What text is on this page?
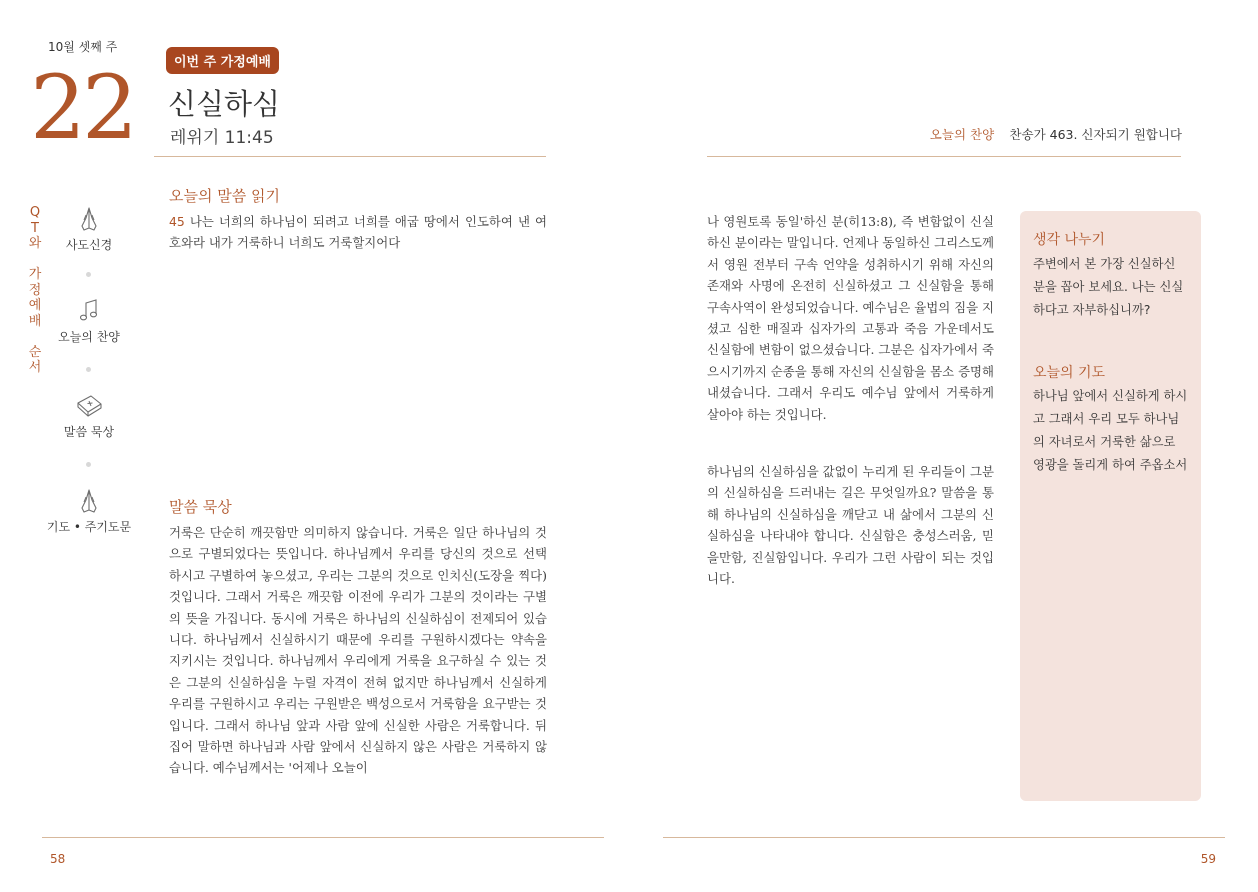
10월 셋째 주
22	이번 주 가정예배
신실하심
레위기 11:45
Q
T
와

가
정
예
배

순
서
사도신경
오늘의 찬양
말씀 묵상
기도 • 주기도문
오늘의 말씀 읽기
45 나는 너희의 하나님이 되려고 너희를 애굽 땅에서 인도하여 낸 여호와라 내가 거룩하니 너희도 거룩할지어다
말씀 묵상
거룩은 단순히 깨끗함만 의미하지 않습니다. 거룩은 일단 하나님의 것으로 구별되었다는 뜻입니다. 하나님께서 우리를 당신의 것으로 선택하시고 구별하여 놓으셨고, 우리는 그분의 것으로 인치신(도장을 찍다) 것입니다. 그래서 거룩은 깨끗함 이전에 우리가 그분의 것이라는 구별의 뜻을 가집니다. 동시에 거룩은 하나님의 신실하심이 전제되어 있습니다. 하나님께서 신실하시기 때문에 우리를 구원하시겠다는 약속을 지키시는 것입니다. 하나님께서 우리에게 거룩을 요구하실 수 있는 것은 그분의 신실하심을 누릴 자격이 전혀 없지만 하나님께서 신실하게 우리를 구원하시고 우리는 구원받은 백성으로서 거룩함을 요구받는 것입니다. 그래서 하나님 앞과 사람 앞에 신실한 사람은 거룩합니다. 뒤집어 말하면 하나님과 사람 앞에서 신실하지 않은 사람은 거룩하지 않습니다. 예수님께서는 '어제나 오늘이
58
오늘의 찬양 찬송가 463. 신자되기 원합니다
나 영원토록 동일'하신 분(히13:8), 즉 변함없이 신실하신 분이라는 말입니다. 언제나 동일하신 그리스도께서 영원 전부터 구속 언약을 성취하시기 위해 자신의 존재와 사명에 온전히 신실하셨고 그 신실함을 통해 구속사역이 완성되었습니다. 예수님은 율법의 짐을 지셨고 심한 매질과 십자가의 고통과 죽음 가운데서도 신실함에 변함이 없으셨습니다. 그분은 십자가에서 죽으시기까지 순종을 통해 자신의 신실함을 몸소 증명해내셨습니다. 그래서 우리도 예수님 앞에서 거룩하게 살아야 하는 것입니다.
하나님의 신실하심을 값없이 누리게 된 우리들이 그분의 신실하심을 드러내는 길은 무엇일까요? 말씀을 통해 하나님의 신실하심을 깨닫고 내 삶에서 그분의 신실하심을 나타내야 합니다. 신실함은 충성스러움, 믿을만함, 진실함입니다. 우리가 그런 사람이 되는 것입니다.
생각 나누기
주변에서 본 가장 신실하신 분을 꼽아 보세요. 나는 신실하다고 자부하십니까?
오늘의 기도
하나님 앞에서 신실하게 하시고 그래서 우리 모두 하나님의 자녀로서 거룩한 삶으로 영광을 돌리게 하여 주옵소서
59
